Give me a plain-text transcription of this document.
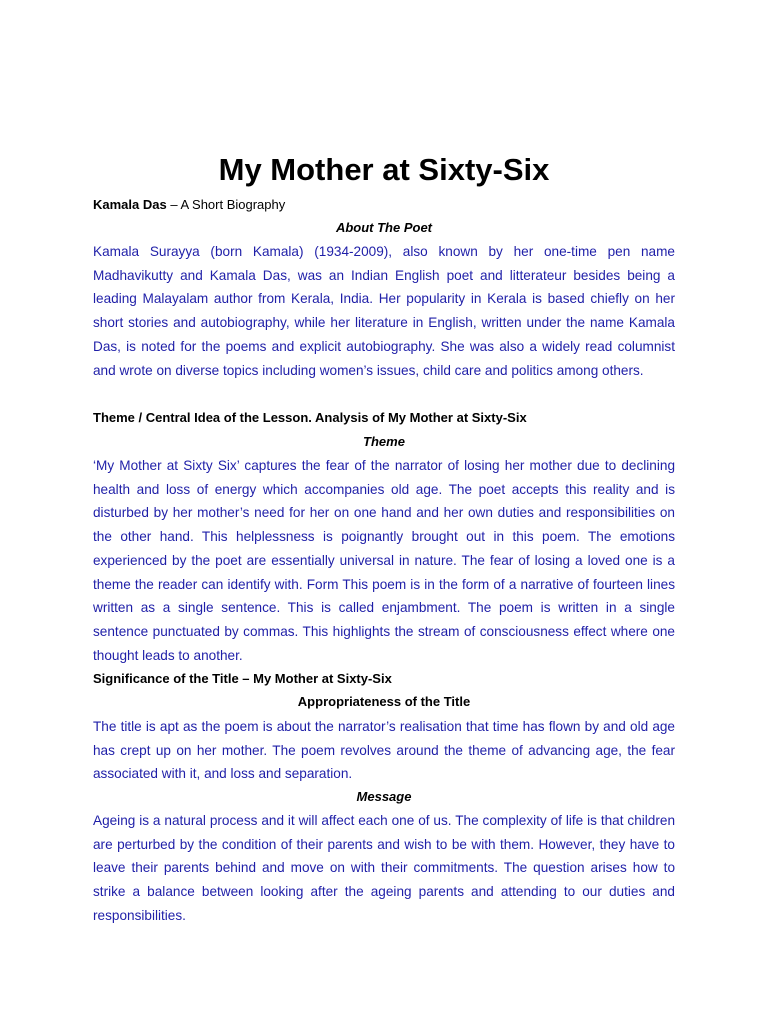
My Mother at Sixty-Six
Kamala Das – A Short Biography
About The Poet

Kamala Surayya (born Kamala) (1934-2009), also known by her one-time pen name Madhavikutty and Kamala Das, was an Indian English poet and litterateur besides being a leading Malayalam author from Kerala, India. Her popularity in Kerala is based chiefly on her short stories and autobiography, while her literature in English, written under the name Kamala Das, is noted for the poems and explicit autobiography. She was also a widely read columnist and wrote on diverse topics including women’s issues, child care and politics among others.

Theme / Central Idea of the Lesson. Analysis of My Mother at Sixty-Six
Theme

‘My Mother at Sixty Six’ captures the fear of the narrator of losing her mother due to declining health and loss of energy which accompanies old age. The poet accepts this reality and is disturbed by her mother’s need for her on one hand and her own duties and responsibilities on the other hand. This helplessness is poignantly brought out in this poem. The emotions experienced by the poet are essentially universal in nature. The fear of losing a loved one is a theme the reader can identify with. Form This poem is in the form of a narrative of fourteen lines written as a single sentence. This is called enjambment. The poem is written in a single sentence punctuated by commas. This highlights the stream of consciousness effect where one thought leads to another.

Significance of the Title – My Mother at Sixty-Six
Appropriateness of the Title

The title is apt as the poem is about the narrator’s realisation that time has flown by and old age has crept up on her mother. The poem revolves around the theme of advancing age, the fear associated with it, and loss and separation.

Message

Ageing is a natural process and it will affect each one of us. The complexity of life is that children are perturbed by the condition of their parents and wish to be with them. However, they have to leave their parents behind and move on with their commitments. The question arises how to strike a balance between looking after the ageing parents and attending to our duties and responsibilities.
